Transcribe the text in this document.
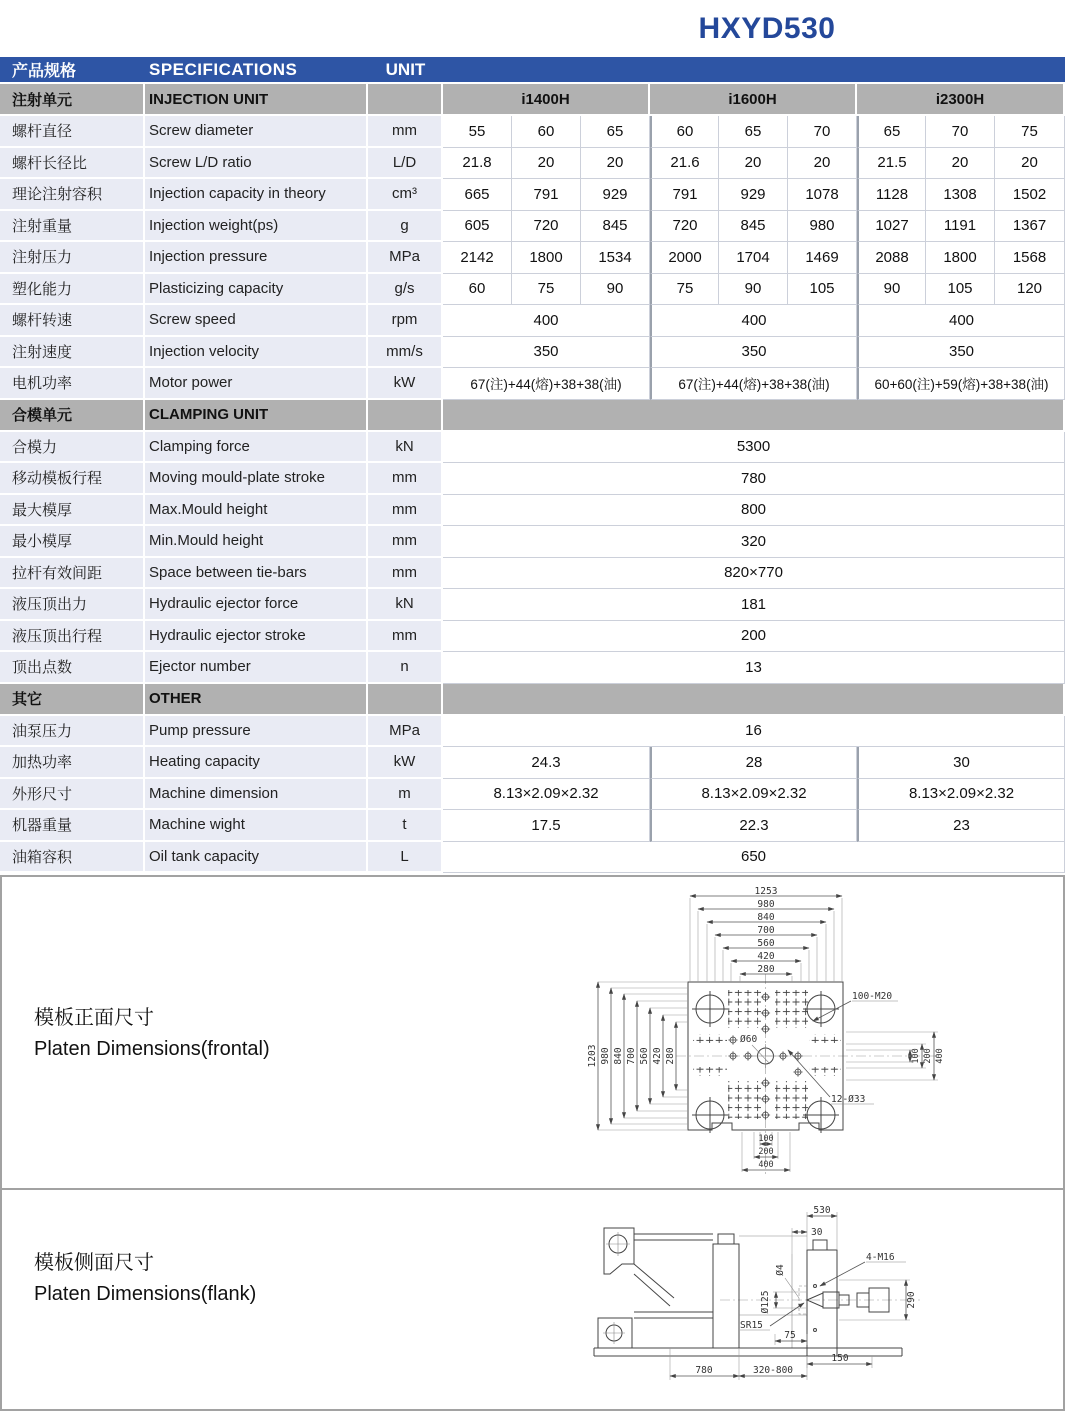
HXYD530
产品规格	SPECIFICATIONS	UNIT									
注射单元	INJECTION UNIT		i1400H			i1600H			i2300H		
螺杆直径	Screw diameter	mm	55	60	65	60	65	70	65	70	75
螺杆长径比	Screw L/D ratio	L/D	21.8	20	20	21.6	20	20	21.5	20	20
理论注射容积	Injection capacity in theory	cm³	665	791	929	791	929	1078	1128	1308	1502
注射重量	Injection weight(ps)	g	605	720	845	720	845	980	1027	1191	1367
注射压力	Injection pressure	MPa	2142	1800	1534	2000	1704	1469	2088	1800	1568
塑化能力	Plasticizing capacity	g/s	60	75	90	75	90	105	90	105	120
螺杆转速	Screw speed	rpm	400			400			400		
注射速度	Injection velocity	mm/s	350			350			350		
电机功率	Motor power	kW	67(注)+44(熔)+38+38(油)			67(注)+44(熔)+38+38(油)			60+60(注)+59(熔)+38+38(油)		
合模单元	CLAMPING UNIT										
合模力	Clamping force	kN	5300								
移动模板行程	Moving mould-plate stroke	mm	780								
最大模厚	Max.Mould height	mm	800								
最小模厚	Min.Mould height	mm	320								
拉杆有效间距	Space between tie-bars	mm	820×770								
液压顶出力	Hydraulic ejector force	kN	181								
液压顶出行程	Hydraulic ejector stroke	mm	200								
顶出点数	Ejector number	n	13								
其它	OTHER										
油泵压力	Pump pressure	MPa	16								
加热功率	Heating capacity	kW	24.3			28			30		
外形尺寸	Machine dimension	m	8.13×2.09×2.32			8.13×2.09×2.32			8.13×2.09×2.32		
机器重量	Machine wight	t	17.5			22.3			23		
油箱容积	Oil tank capacity	L	650								
模板正面尺寸
Platen Dimensions(frontal)
1253
980
840
700
560
420
280
1203 980 840 700 560 420 280	400
200
100
100
200
400
Ø60
100-M20
12-Ø33
模板侧面尺寸
Platen Dimensions(flank)
530
30
4-M16
Ø4
Ø125
SR15
290
75
150
780	320-800
